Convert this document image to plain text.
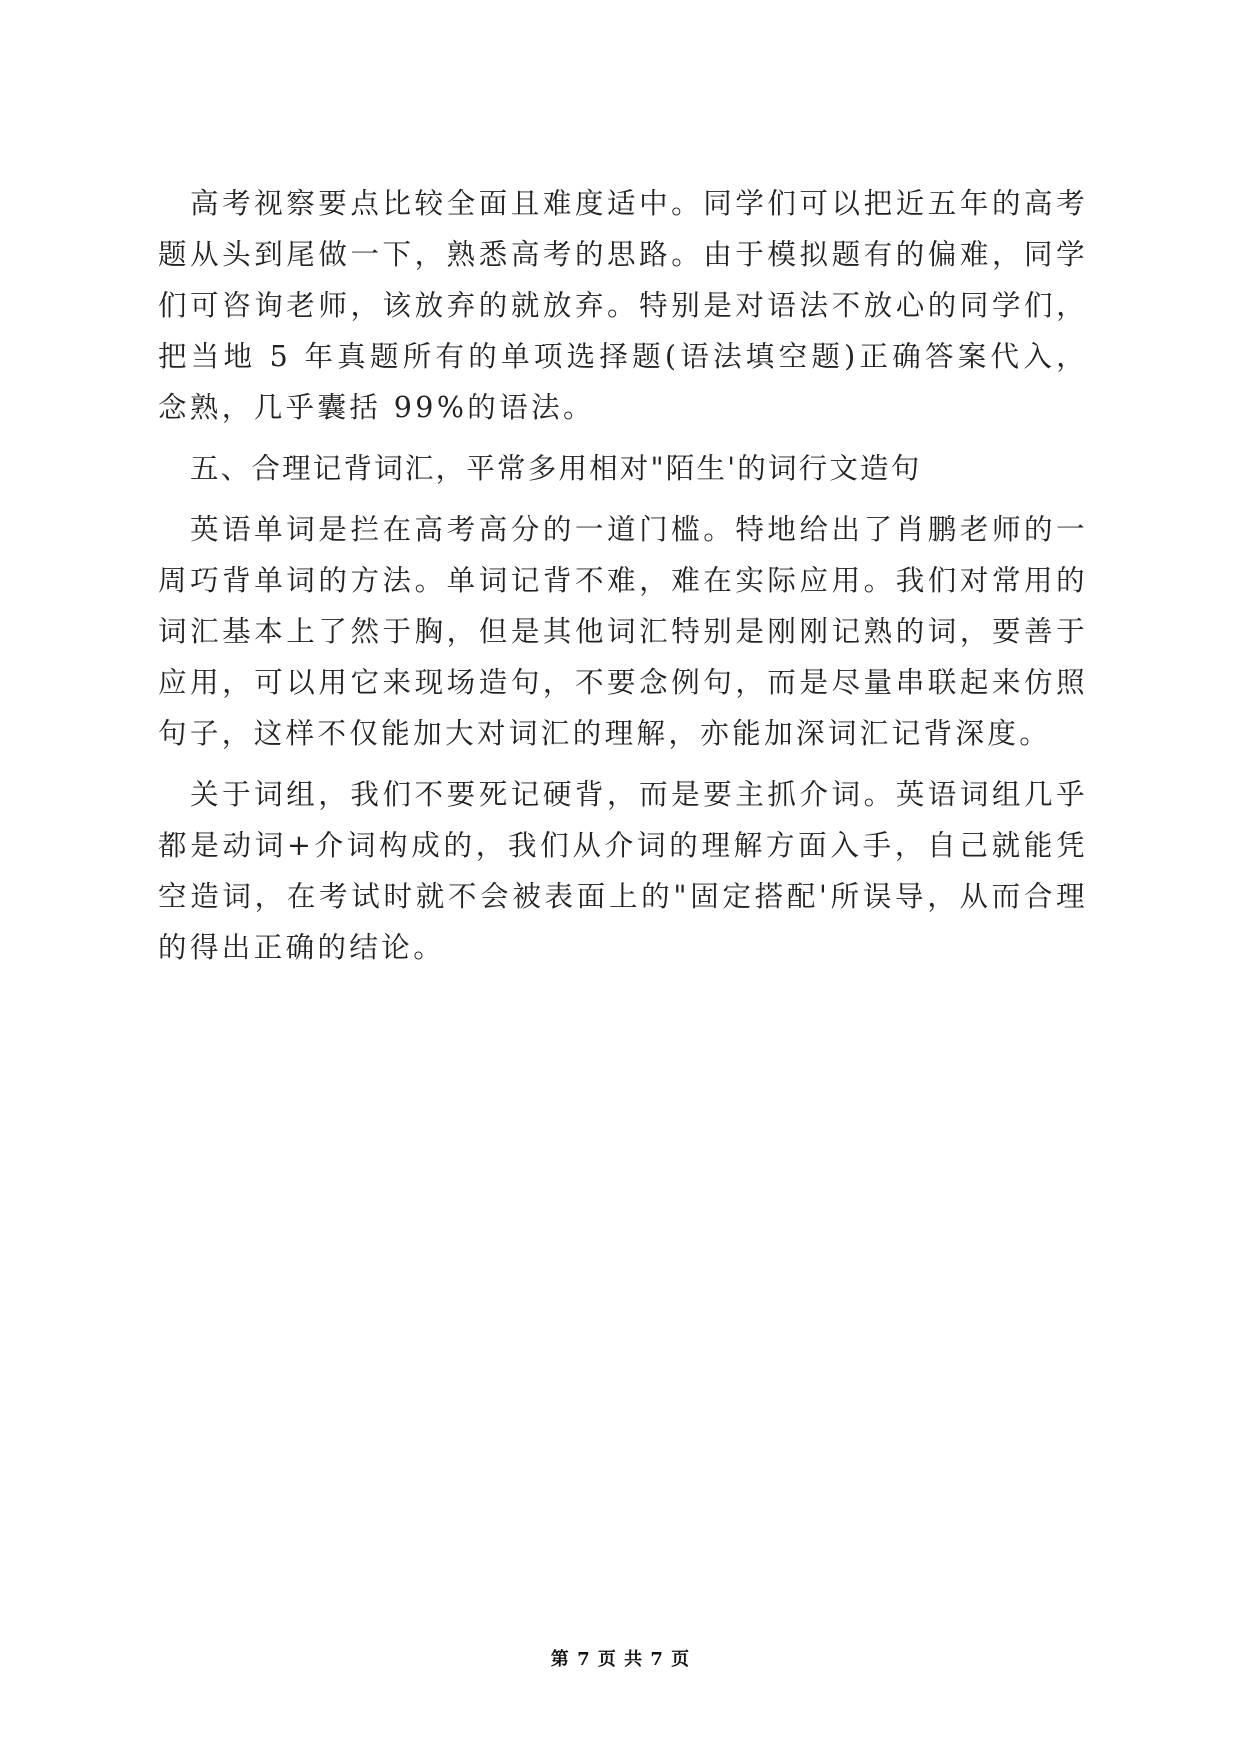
高考视察要点比较全面且难度适中。同学们可以把近五年的高考题从头到尾做一下，熟悉高考的思路。由于模拟题有的偏难，同学们可咨询老师，该放弃的就放弃。特别是对语法不放心的同学们，把当地 5 年真题所有的单项选择题(语法填空题)正确答案代入，念熟，几乎囊括 99%的语法。

五、合理记背词汇，平常多用相对"陌生'的词行文造句

英语单词是拦在高考高分的一道门槛。特地给出了肖鹏老师的一周巧背单词的方法。单词记背不难，难在实际应用。我们对常用的词汇基本上了然于胸，但是其他词汇特别是刚刚记熟的词，要善于应用，可以用它来现场造句，不要念例句，而是尽量串联起来仿照句子，这样不仅能加大对词汇的理解，亦能加深词汇记背深度。

关于词组，我们不要死记硬背，而是要主抓介词。英语词组几乎都是动词+介词构成的，我们从介词的理解方面入手，自己就能凭空造词，在考试时就不会被表面上的"固定搭配'所误导，从而合理的得出正确的结论。

第 7 页 共 7 页
